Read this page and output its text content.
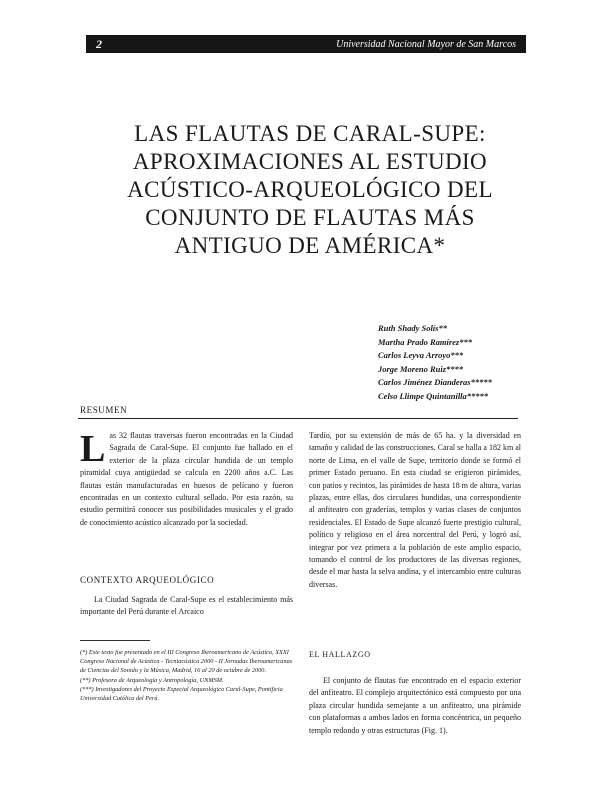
2	Universidad Nacional Mayor de San Marcos
LAS FLAUTAS DE CARAL-SUPE:
APROXIMACIONES AL ESTUDIO
ACÚSTICO-ARQUEOLÓGICO DEL
CONJUNTO DE FLAUTAS MÁS
ANTIGUO DE AMÉRICA*
Ruth Shady Solís**
Martha Prado Ramírez***
Carlos Leyva Arroyo***
Jorge Moreno Ruiz****
Carlos Jiménez Dianderas*****
Celso Llimpe Quintanilla*****
RESUMEN

Las 32 flautas traversas fueron encontradas en la Ciudad Sagrada de Caral-Supe. El conjunto fue hallado en el exterior de la plaza circular hundida de un templo piramidal cuya antigüedad se calcula en 2200 años a.C. Las flautas están manufacturadas en huesos de pelícano y fueron encontradas en un contexto cultural sellado. Por esta razón, su estudio permitirá conocer sus posibilidades musicales y el grado de conocimiento acústico alcanzado por la sociedad.

CONTEXTO ARQUEOLÓGICO

La Ciudad Sagrada de Caral-Supe es el establecimiento más importante del Perú durante el Arcaico

(*) Este texto fue presentado en el III Congreso Iberoamericano de Acústica, XXXI Congreso Nacional de Acústica - Tecniacústica 2000 - II Jornadas Iberoamericanas de Ciencias del Sonido y la Música, Madrid, 16 al 20 de octubre de 2000.

(**) Profesora de Arqueología y Antropología, UNMSM.

(***) Investigadores del Proyecto Especial Arqueológico Caral-Supe, Pontificia Universidad Católica del Perú.

Tardío, por su extensión de más de 65 ha. y la diversidad en tamaño y calidad de las construcciones. Caral se halla a 182 km al norte de Lima, en el valle de Supe, territorio donde se formó el primer Estado peruano. En esta ciudad se erigieron pirámides, con patios y recintos, las pirámides de hasta 18 m de altura, varias plazas, entre ellas, dos circulares hundidas, una correspondiente al anfiteatro con graderías, templos y varias clases de conjuntos residenciales. El Estado de Supe alcanzó fuerte prestigio cultural, político y religioso en el área norcentral del Perú, y logró así, integrar por vez primera a la población de este amplio espacio, tomando el control de los productores de las diversas regiones, desde el mar hasta la selva andina, y el intercambio entre culturas diversas.

EL HALLAZGO

El conjunto de flautas fue encontrado en el espacio exterior del anfiteatro. El complejo arquitectónico está compuesto por una plaza circular hundida semejante a un anfiteatro, una pirámide con plataformas a ambos lados en forma concéntrica, un pequeño templo redondo y otras estructuras (Fig. 1).
